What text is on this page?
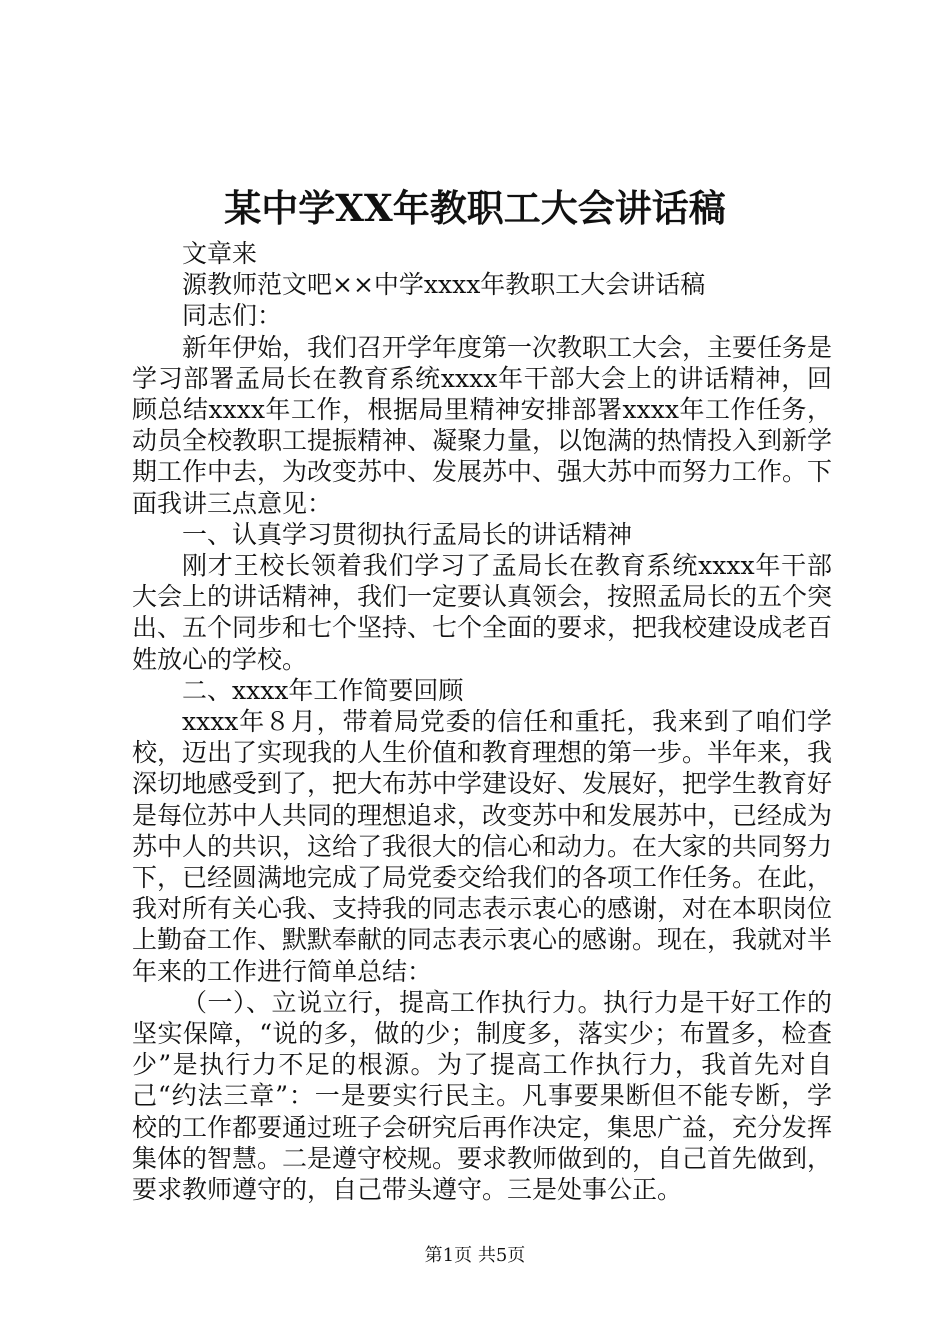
某中学XX年教职工大会讲话稿

文章来

源教师范文吧××中学xxxx年教职工大会讲话稿

同志们：

新年伊始，我们召开学年度第一次教职工大会，主要任务是学习部署孟局长在教育系统xxxx年干部大会上的讲话精神，回顾总结xxxx年工作，根据局里精神安排部署xxxx年工作任务，动员全校教职工提振精神、凝聚力量，以饱满的热情投入到新学期工作中去，为改变苏中、发展苏中、强大苏中而努力工作。下面我讲三点意见：

一、认真学习贯彻执行孟局长的讲话精神

刚才王校长领着我们学习了孟局长在教育系统xxxx年干部大会上的讲话精神，我们一定要认真领会，按照孟局长的五个突出、五个同步和七个坚持、七个全面的要求，把我校建设成老百姓放心的学校。

二、xxxx年工作简要回顾

xxxx年８月，带着局党委的信任和重托，我来到了咱们学校，迈出了实现我的人生价值和教育理想的第一步。半年来，我深切地感受到了，把大布苏中学建设好、发展好，把学生教育好是每位苏中人共同的理想追求，改变苏中和发展苏中，已经成为苏中人的共识，这给了我很大的信心和动力。在大家的共同努力下，已经圆满地完成了局党委交给我们的各项工作任务。在此，我对所有关心我、支持我的同志表示衷心的感谢，对在本职岗位上勤奋工作、默默奉献的同志表示衷心的感谢。现在，我就对半年来的工作进行简单总结：

（一）、立说立行，提高工作执行力。执行力是干好工作的坚实保障，“说的多，做的少；制度多，落实少；布置多，检查少”是执行力不足的根源。为了提高工作执行力，我首先对自己“约法三章”：一是要实行民主。凡事要果断但不能专断，学校的工作都要通过班子会研究后再作决定，集思广益，充分发挥集体的智慧。二是遵守校规。要求教师做到的，自己首先做到，要求教师遵守的，自己带头遵守。三是处事公正。

第1页 共5页
